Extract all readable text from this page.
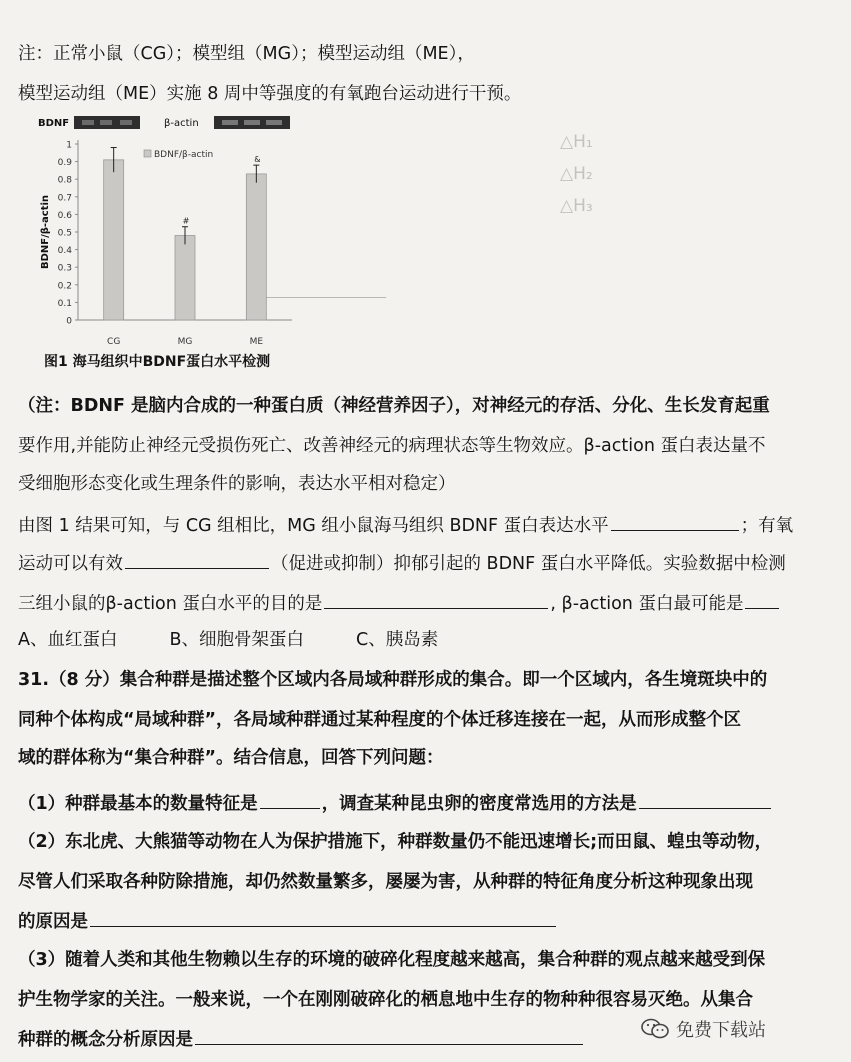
△H₁
△H₂
△H₃
注：正常小鼠（CG）；模型组（MG）；模型运动组（ME），
模型运动组（ME）实施 8 周中等强度的有氧跑台运动进行干预。
BDNF	β-actin
0
0.1
0.2
0.3
0.4
0.5
0.6
0.7
0.8
0.9
1
BDNF/β-actin
CG
#
MG
&
ME
BDNF/β-actin
图1 海马组织中BDNF蛋白水平检测
（注：BDNF 是脑内合成的一种蛋白质（神经营养因子），对神经元的存活、分化、生长发育起重
要作用,并能防止神经元受损伤死亡、改善神经元的病理状态等生物效应。β-action 蛋白表达量不
受细胞形态变化或生理条件的影响，表达水平相对稳定）
由图 1 结果可知，与 CG 组相比，MG 组小鼠海马组织 BDNF 蛋白表达水平	；有氧
运动可以有效	（促进或抑制）抑郁引起的 BDNF 蛋白水平降低。实验数据中检测
三组小鼠的β-action 蛋白水平的目的是	, β-action 蛋白最可能是
A、血红蛋白	B、细胞骨架蛋白	C、胰岛素
31.（8 分）集合种群是描述整个区域内各局域种群形成的集合。即一个区域内，各生境斑块中的
同种个体构成“局域种群”，各局域种群通过某种程度的个体迁移连接在一起，从而形成整个区
域的群体称为“集合种群”。结合信息，回答下列问题：
（1）种群最基本的数量特征是	，调查某种昆虫卵的密度常选用的方法是
（2）东北虎、大熊猫等动物在人为保护措施下，种群数量仍不能迅速增长;而田鼠、蝗虫等动物，
尽管人们采取各种防除措施，却仍然数量繁多，屡屡为害，从种群的特征角度分析这种现象出现
的原因是
（3）随着人类和其他生物赖以生存的环境的破碎化程度越来越高，集合种群的观点越来越受到保
护生物学家的关注。一般来说，一个在刚刚破碎化的栖息地中生存的物种种很容易灭绝。从集合
种群的概念分析原因是	免费下载站
